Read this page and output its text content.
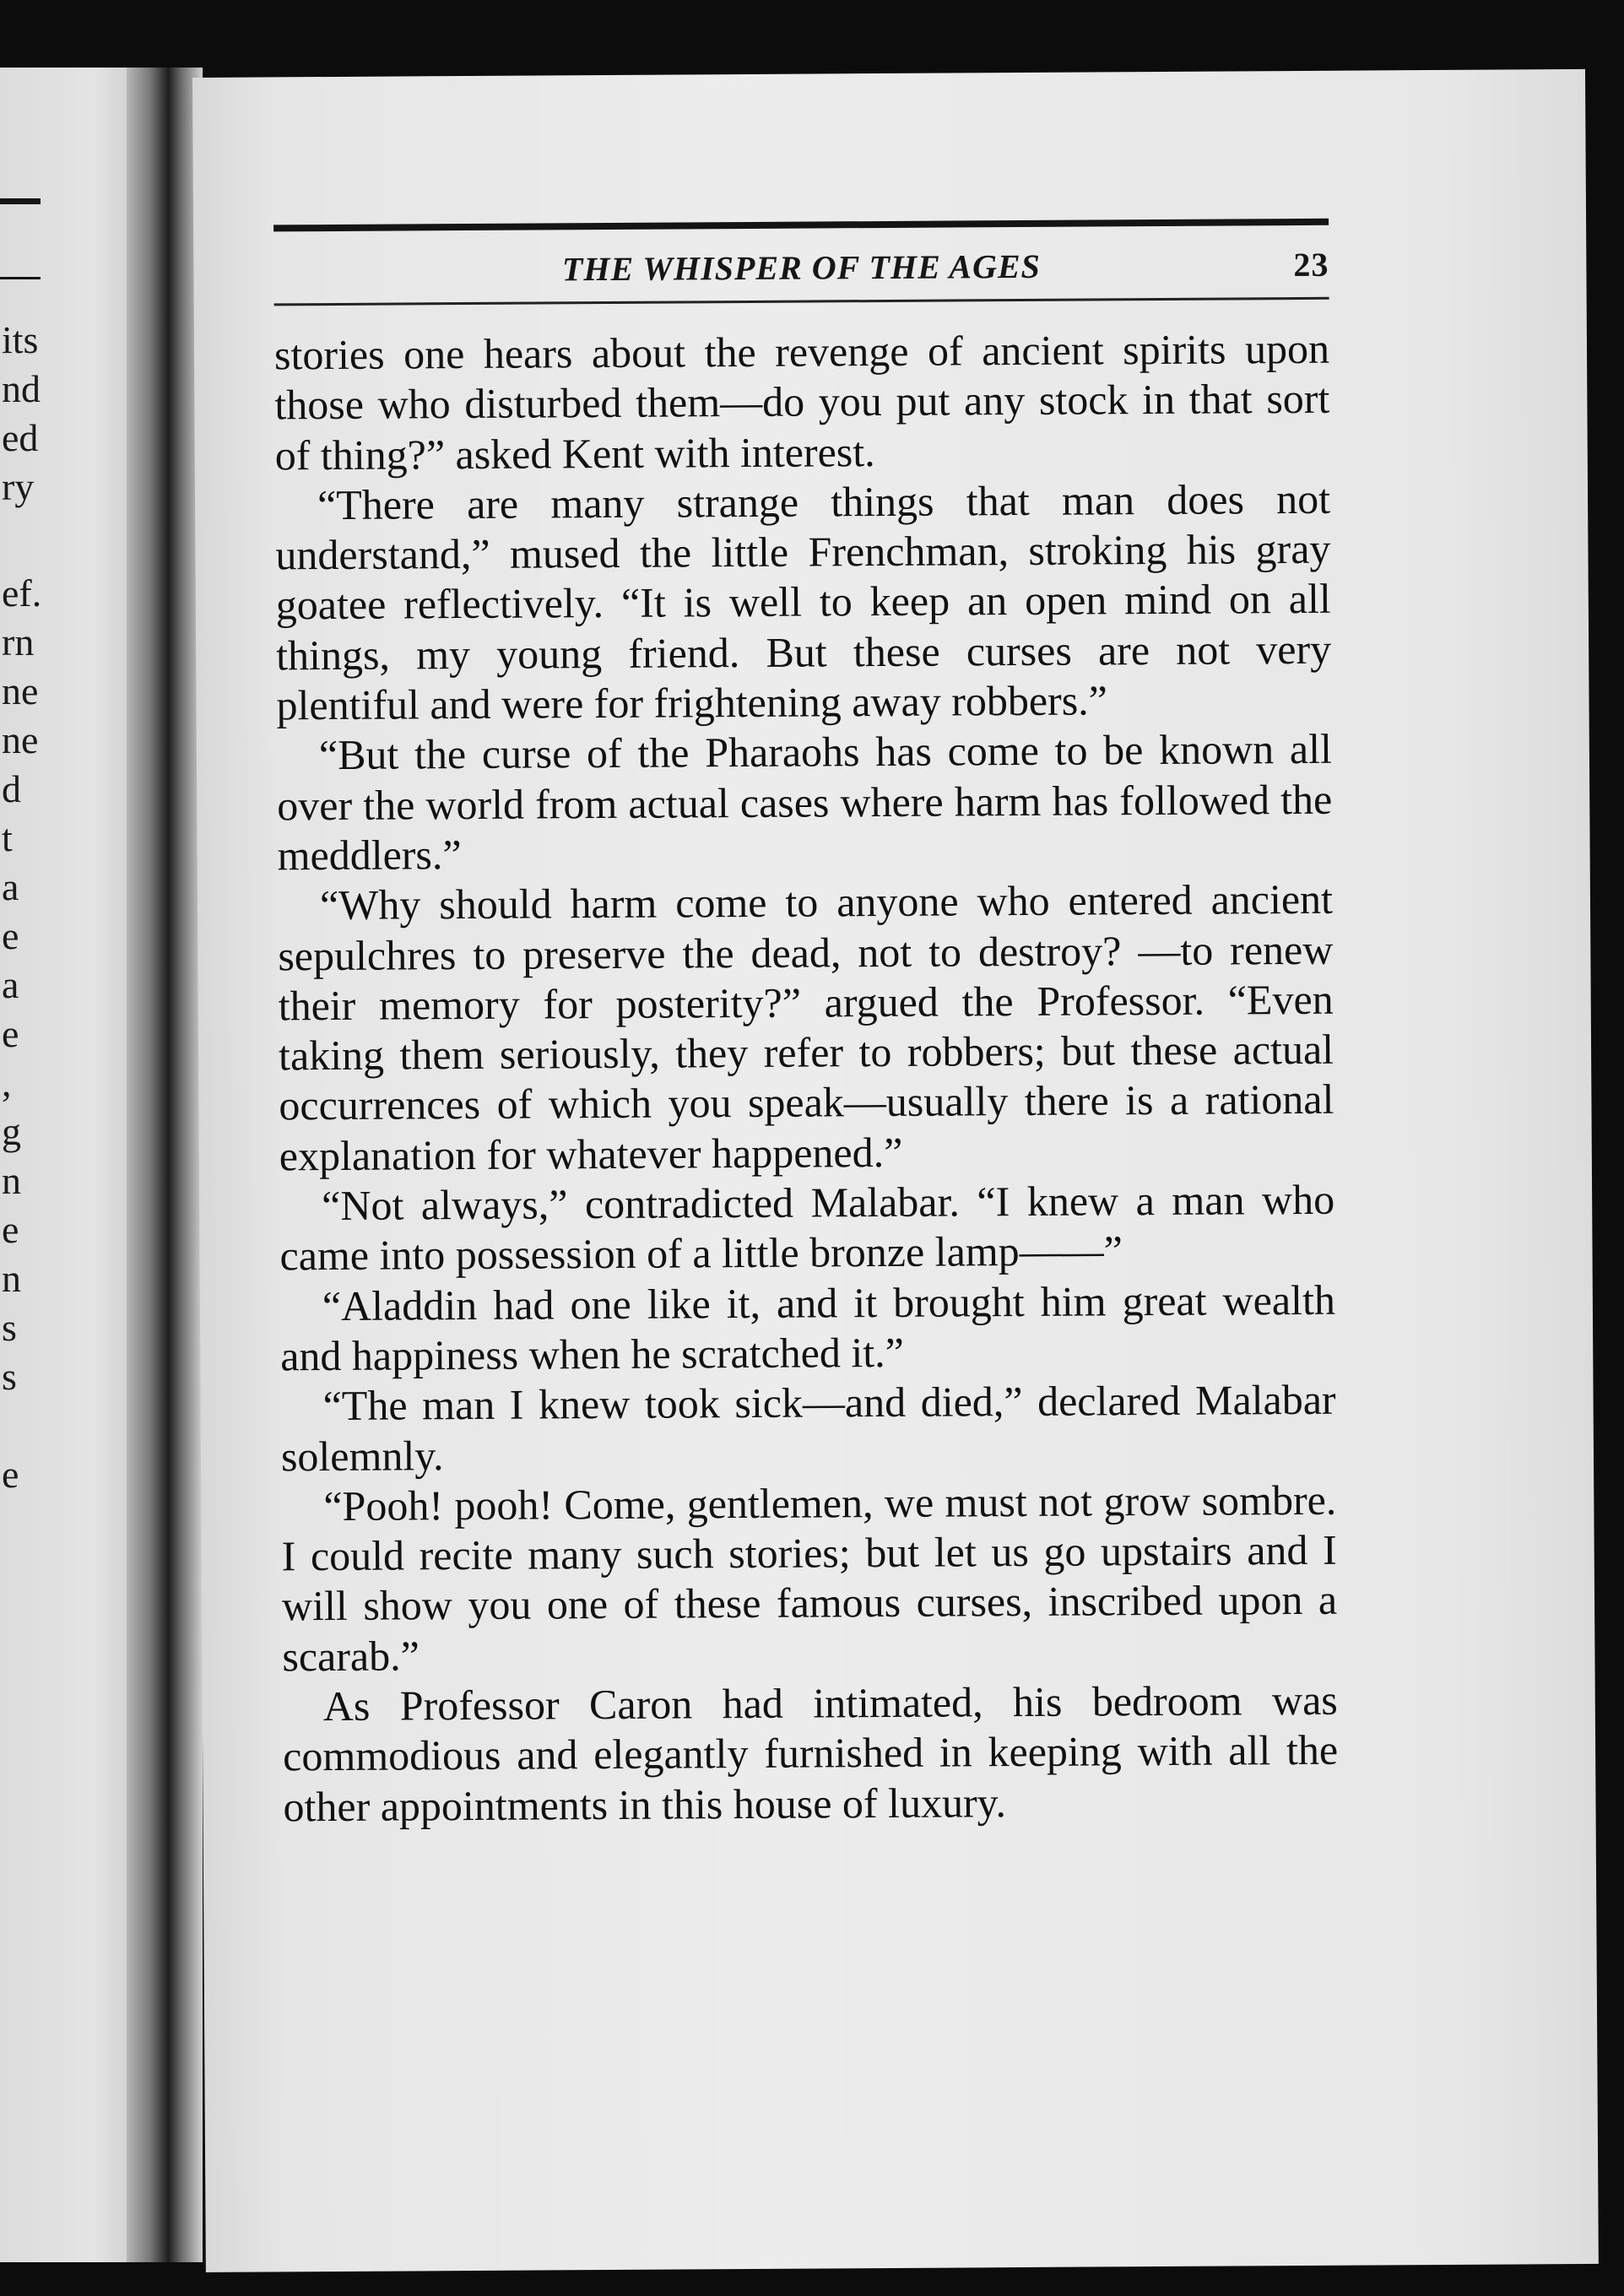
its
nd
ed
ry
ef.
rn
ne
ne
d
t
a
e
a
e
,
g
n
e
n
s
s
e
THE WHISPER OF THE AGES	23

stories one hears about the revenge of ancient spirits upon those who disturbed them—do you put any stock in that sort of thing?” asked Kent with interest.

“There are many strange things that man does not understand,” mused the little Frenchman, stroking his gray goatee reflectively. “It is well to keep an open mind on all things, my young friend. But these curses are not very plentiful and were for frightening away robbers.”

“But the curse of the Pharaohs has come to be known all over the world from actual cases where harm has followed the meddlers.”

“Why should harm come to anyone who entered ancient sepulchres to preserve the dead, not to destroy? —to renew their memory for posterity?” argued the Professor. “Even taking them seriously, they refer to robbers; but these actual occurrences of which you speak—usually there is a rational explanation for whatever happened.”

“Not always,” contradicted Malabar. “I knew a man who came into possession of a little bronze lamp——”

“Aladdin had one like it, and it brought him great wealth and happiness when he scratched it.”

“The man I knew took sick—and died,” declared Malabar solemnly.

“Pooh! pooh! Come, gentlemen, we must not grow sombre. I could recite many such stories; but let us go upstairs and I will show you one of these famous curses, inscribed upon a scarab.”

As Professor Caron had intimated, his bedroom was commodious and elegantly furnished in keeping with all the other appointments in this house of luxury.
